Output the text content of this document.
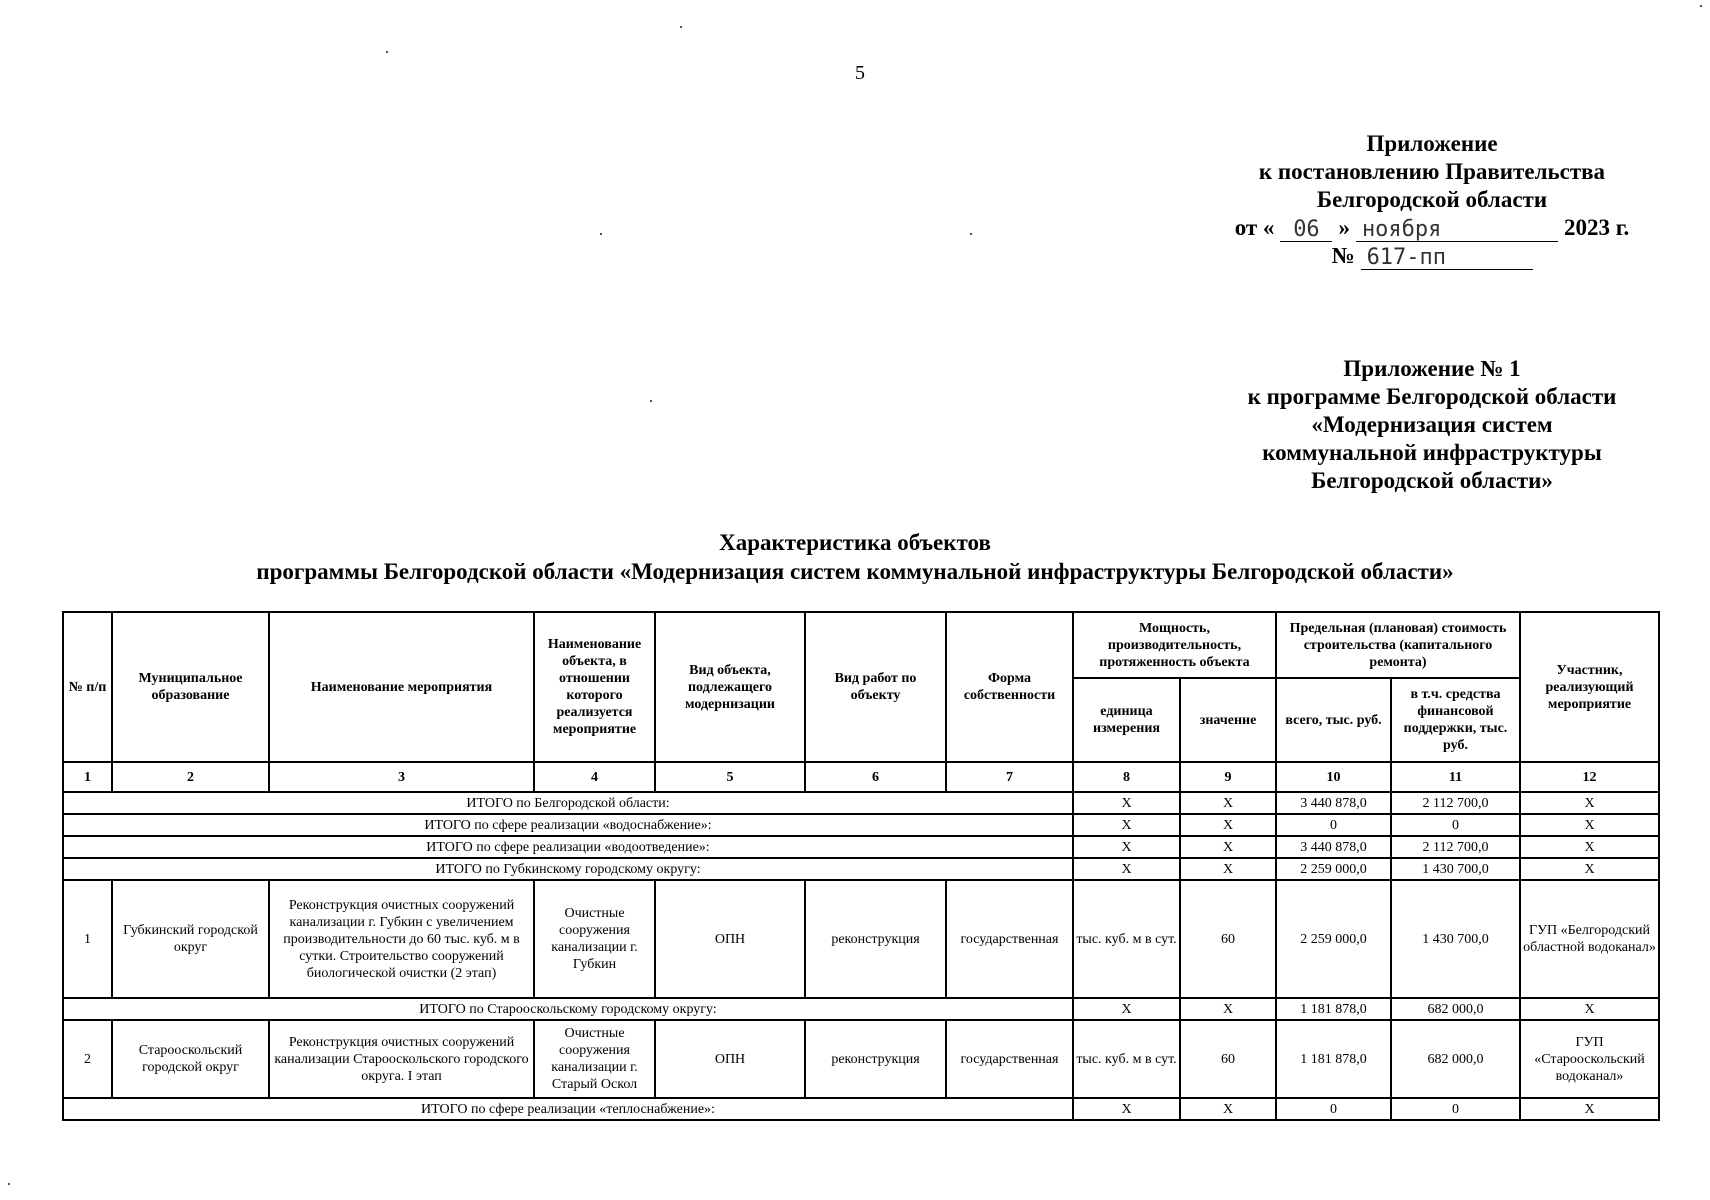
5
Приложение
к постановлению Правительства
Белгородской области
от « 06 » ноября	2023 г.
№ 617-пп
Приложение № 1
к программе Белгородской области
«Модернизация систем
коммунальной инфраструктуры
Белгородской области»
Характеристика объектов
программы Белгородской области «Модернизация систем коммунальной инфраструктуры Белгородской области»
№ п/п	Муниципальное образование	Наименование мероприятия	Наименование объекта, в отношении которого реализуется мероприятие	Вид объекта, подлежащего модернизации	Вид работ по объекту	Форма собственности	Мощность, производительность, протяженность объекта		Предельная (плановая) стоимость строительства (капитального ремонта)		Участник, реализующий мероприятие
							единица измерения	значение	всего, тыс. руб.	в т.ч. средства финансовой поддержки, тыс. руб.	
1	2	3	4	5	6	7	8	9	10	11	12
ИТОГО по Белгородской области:							Х	Х	3 440 878,0	2 112 700,0	Х
ИТОГО по сфере реализации «водоснабжение»:							Х	Х	0	0	Х
ИТОГО по сфере реализации «водоотведение»:							Х	Х	3 440 878,0	2 112 700,0	Х
ИТОГО по Губкинскому городскому округу:							Х	Х	2 259 000,0	1 430 700,0	Х
1	Губкинский городской округ	Реконструкция очистных сооружений канализации г. Губкин с увеличением производительности до 60 тыс. куб. м в сутки. Строительство сооружений биологической очистки (2 этап)	Очистные сооружения канализации г. Губкин	ОПН	реконструкция	государственная	тыс. куб. м в сут.	60	2 259 000,0	1 430 700,0	ГУП «Белгородский областной водоканал»
ИТОГО по Старооскольскому городскому округу:							Х	Х	1 181 878,0	682 000,0	Х
2	Старооскольский городской округ	Реконструкция очистных сооружений канализации Старооскольского городского округа. I этап	Очистные сооружения канализации г. Старый Оскол	ОПН	реконструкция	государственная	тыс. куб. м в сут.	60	1 181 878,0	682 000,0	ГУП «Старооскольский водоканал»
ИТОГО по сфере реализации «теплоснабжение»:							Х	Х	0	0	Х
